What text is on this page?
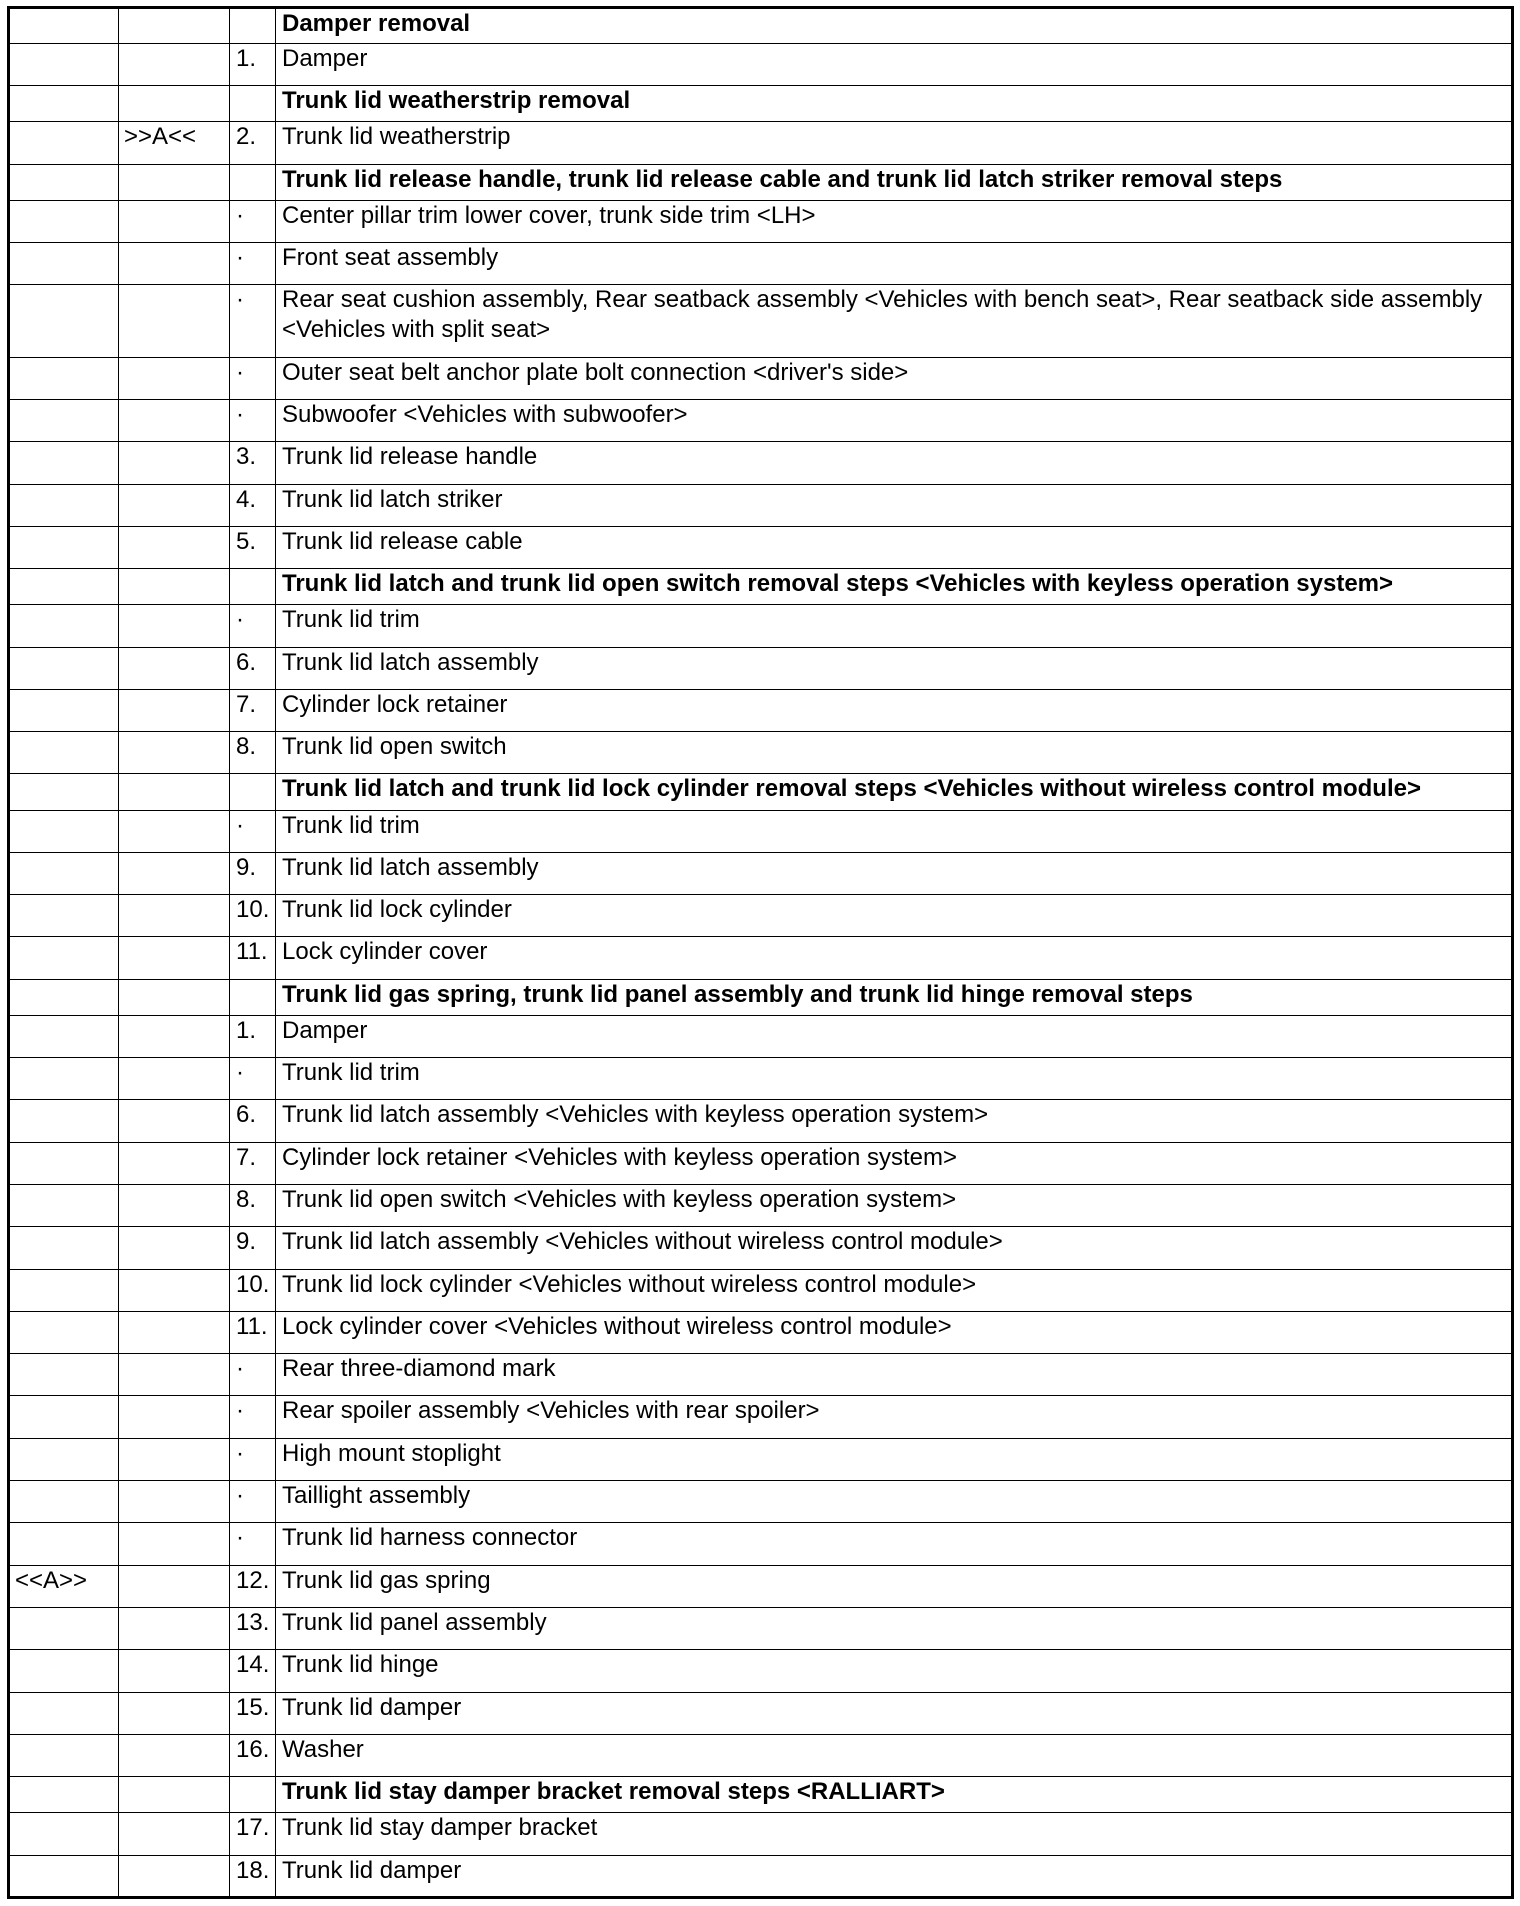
			Damper removal
		1.	Damper
			Trunk lid weatherstrip removal
	>>A<<	2.	Trunk lid weatherstrip
			Trunk lid release handle, trunk lid release cable and trunk lid latch striker removal steps
		·	Center pillar trim lower cover, trunk side trim <LH>
		·	Front seat assembly
		·	Rear seat cushion assembly, Rear seatback assembly <Vehicles with bench seat>, Rear seatback side assembly <Vehicles with split seat>
		·	Outer seat belt anchor plate bolt connection <driver's side>
		·	Subwoofer <Vehicles with subwoofer>
		3.	Trunk lid release handle
		4.	Trunk lid latch striker
		5.	Trunk lid release cable
			Trunk lid latch and trunk lid open switch removal steps <Vehicles with keyless operation system>
		·	Trunk lid trim
		6.	Trunk lid latch assembly
		7.	Cylinder lock retainer
		8.	Trunk lid open switch
			Trunk lid latch and trunk lid lock cylinder removal steps <Vehicles without wireless control module>
		·	Trunk lid trim
		9.	Trunk lid latch assembly
		10.	Trunk lid lock cylinder
		11.	Lock cylinder cover
			Trunk lid gas spring, trunk lid panel assembly and trunk lid hinge removal steps
		1.	Damper
		·	Trunk lid trim
		6.	Trunk lid latch assembly <Vehicles with keyless operation system>
		7.	Cylinder lock retainer <Vehicles with keyless operation system>
		8.	Trunk lid open switch <Vehicles with keyless operation system>
		9.	Trunk lid latch assembly <Vehicles without wireless control module>
		10.	Trunk lid lock cylinder <Vehicles without wireless control module>
		11.	Lock cylinder cover <Vehicles without wireless control module>
		·	Rear three-diamond mark
		·	Rear spoiler assembly <Vehicles with rear spoiler>
		·	High mount stoplight
		·	Taillight assembly
		·	Trunk lid harness connector
<<A>>		12.	Trunk lid gas spring
		13.	Trunk lid panel assembly
		14.	Trunk lid hinge
		15.	Trunk lid damper
		16.	Washer
			Trunk lid stay damper bracket removal steps <RALLIART>
		17.	Trunk lid stay damper bracket
		18.	Trunk lid damper
